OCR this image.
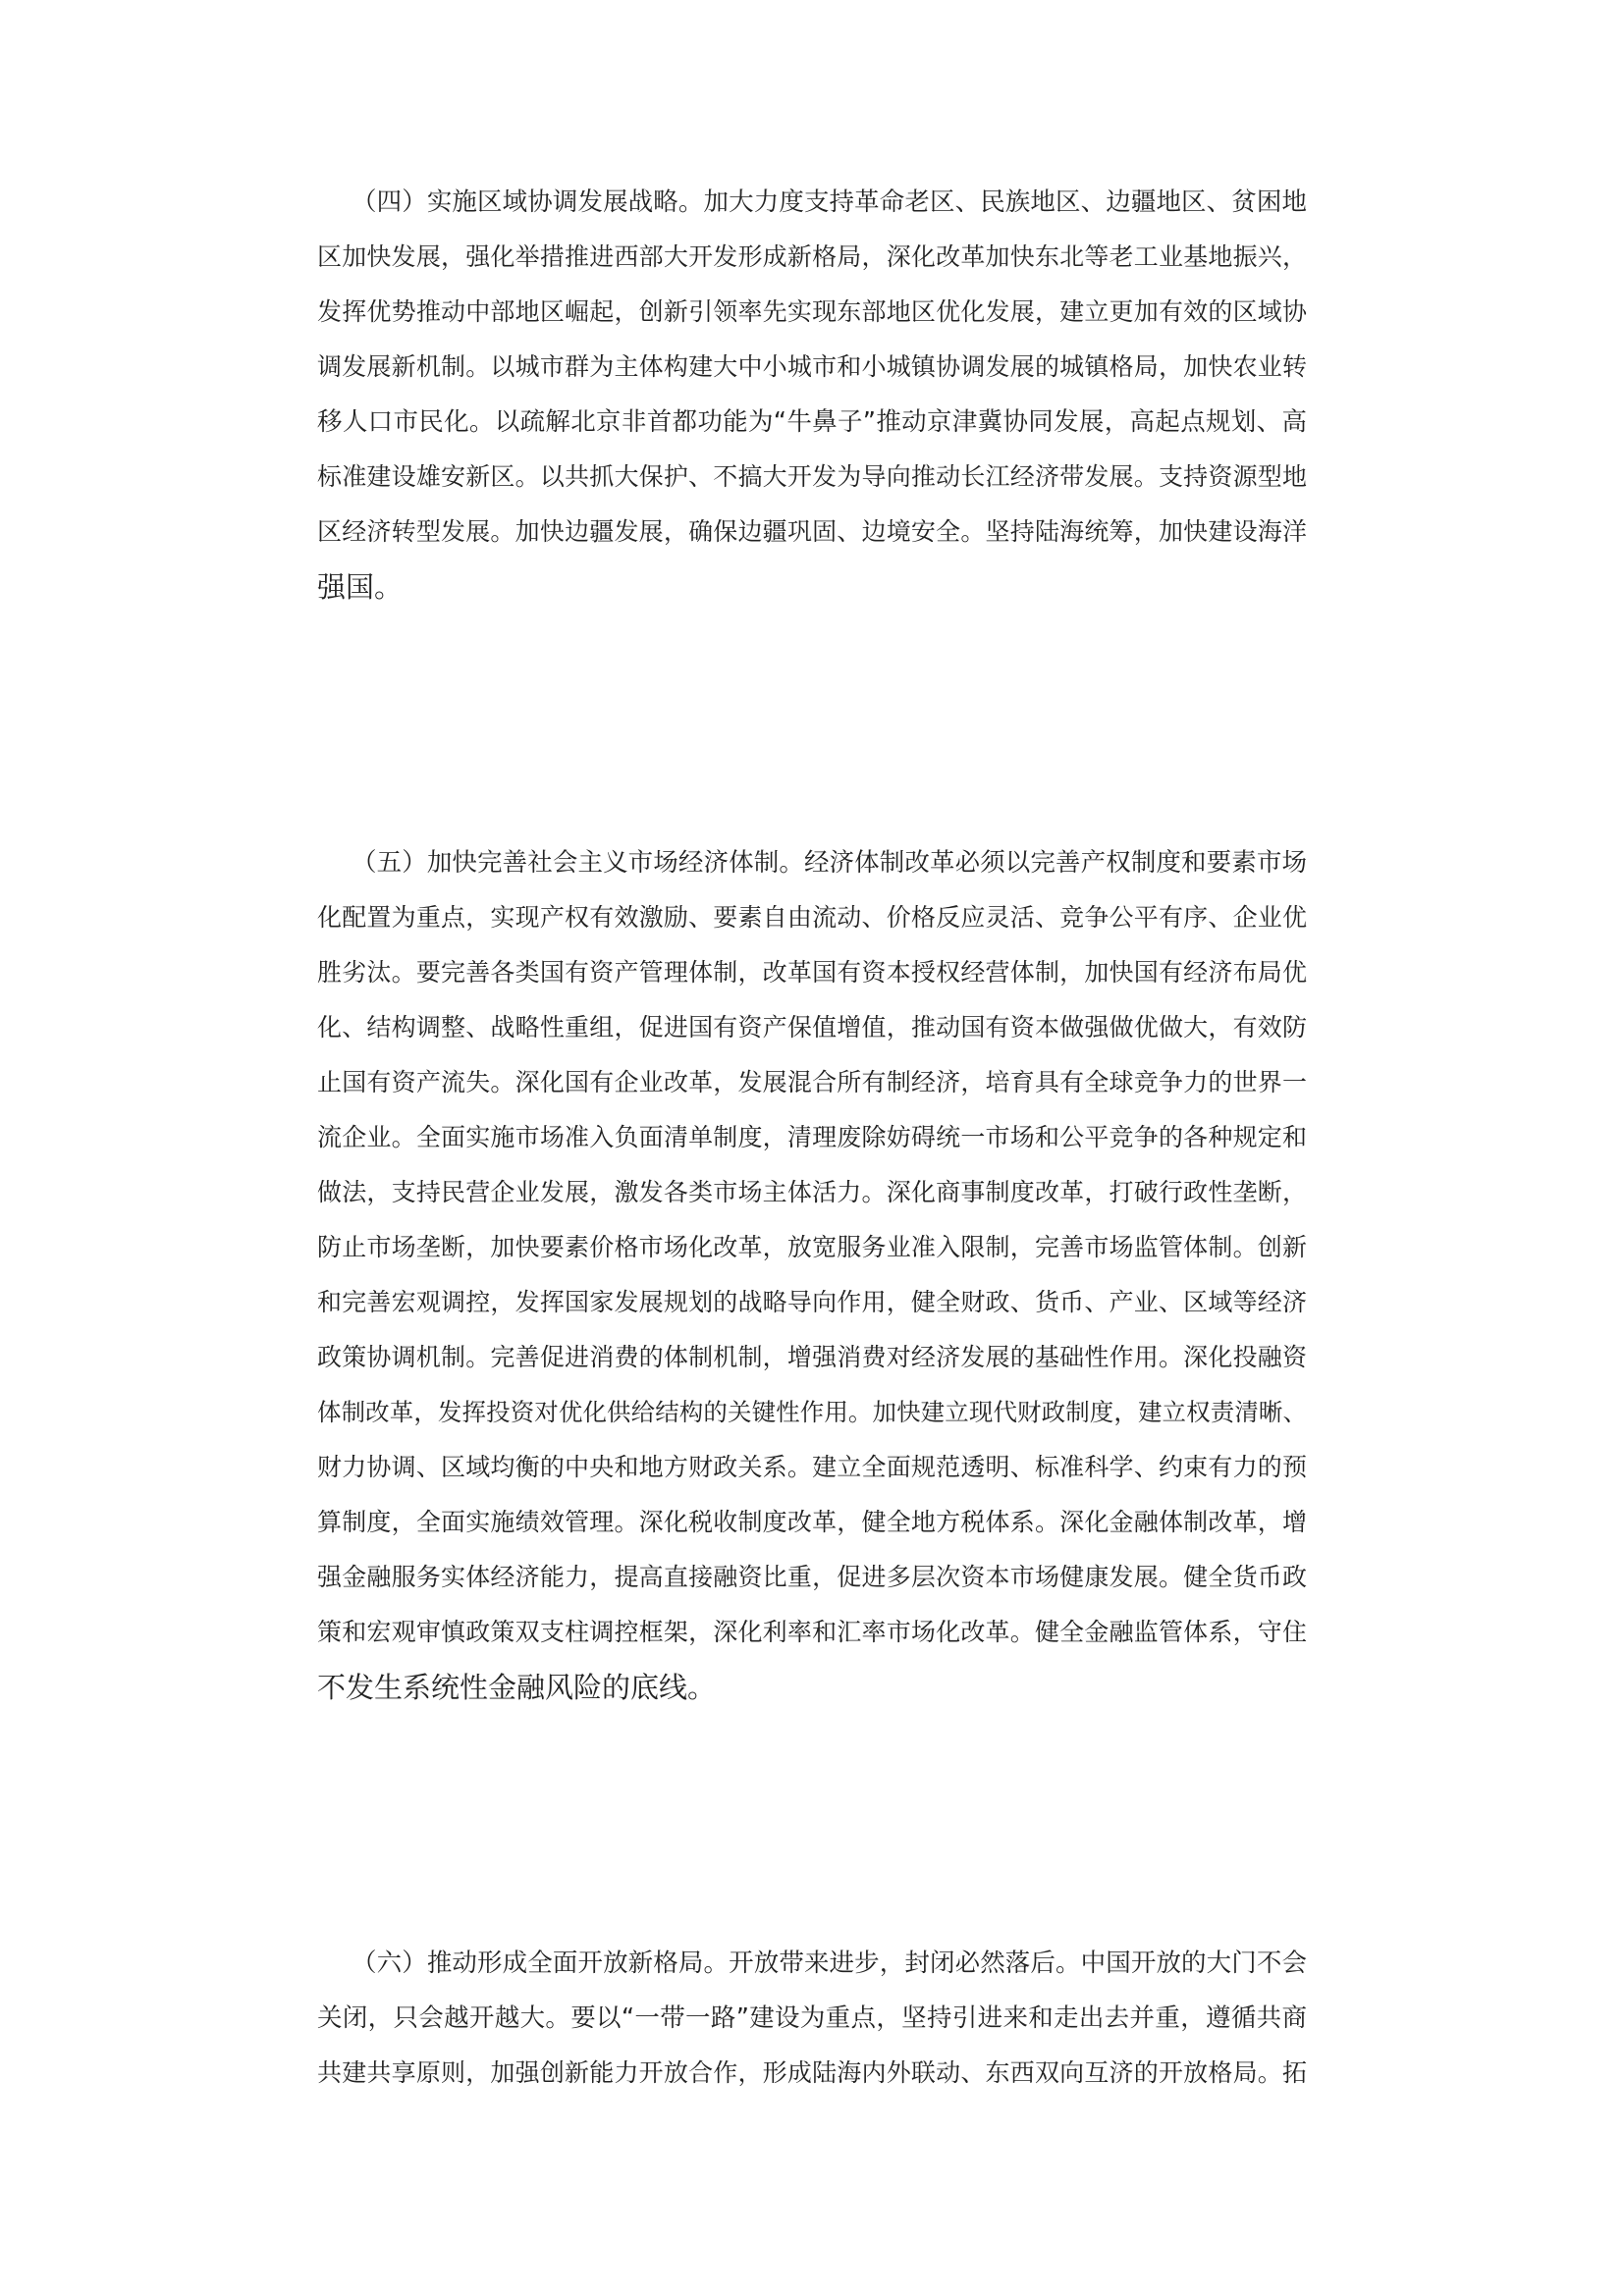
（四）实施区域协调发展战略。加大力度支持革命老区、民族地区、边疆地区、贫困地

区加快发展，强化举措推进西部大开发形成新格局，深化改革加快东北等老工业基地振兴，

发挥优势推动中部地区崛起，创新引领率先实现东部地区优化发展，建立更加有效的区域协

调发展新机制。以城市群为主体构建大中小城市和小城镇协调发展的城镇格局，加快农业转

移人口市民化。以疏解北京非首都功能为“牛鼻子”推动京津冀协同发展，高起点规划、高

标准建设雄安新区。以共抓大保护、不搞大开发为导向推动长江经济带发展。支持资源型地

区经济转型发展。加快边疆发展，确保边疆巩固、边境安全。坚持陆海统筹，加快建设海洋

强国。

（五）加快完善社会主义市场经济体制。经济体制改革必须以完善产权制度和要素市场

化配置为重点，实现产权有效激励、要素自由流动、价格反应灵活、竞争公平有序、企业优

胜劣汰。要完善各类国有资产管理体制，改革国有资本授权经营体制，加快国有经济布局优

化、结构调整、战略性重组，促进国有资产保值增值，推动国有资本做强做优做大，有效防

止国有资产流失。深化国有企业改革，发展混合所有制经济，培育具有全球竞争力的世界一

流企业。全面实施市场准入负面清单制度，清理废除妨碍统一市场和公平竞争的各种规定和

做法，支持民营企业发展，激发各类市场主体活力。深化商事制度改革，打破行政性垄断，

防止市场垄断，加快要素价格市场化改革，放宽服务业准入限制，完善市场监管体制。创新

和完善宏观调控，发挥国家发展规划的战略导向作用，健全财政、货币、产业、区域等经济

政策协调机制。完善促进消费的体制机制，增强消费对经济发展的基础性作用。深化投融资

体制改革，发挥投资对优化供给结构的关键性作用。加快建立现代财政制度，建立权责清晰、

财力协调、区域均衡的中央和地方财政关系。建立全面规范透明、标准科学、约束有力的预

算制度，全面实施绩效管理。深化税收制度改革，健全地方税体系。深化金融体制改革，增

强金融服务实体经济能力，提高直接融资比重，促进多层次资本市场健康发展。健全货币政

策和宏观审慎政策双支柱调控框架，深化利率和汇率市场化改革。健全金融监管体系，守住

不发生系统性金融风险的底线。

（六）推动形成全面开放新格局。开放带来进步，封闭必然落后。中国开放的大门不会

关闭，只会越开越大。要以“一带一路”建设为重点，坚持引进来和走出去并重，遵循共商

共建共享原则，加强创新能力开放合作，形成陆海内外联动、东西双向互济的开放格局。拓
